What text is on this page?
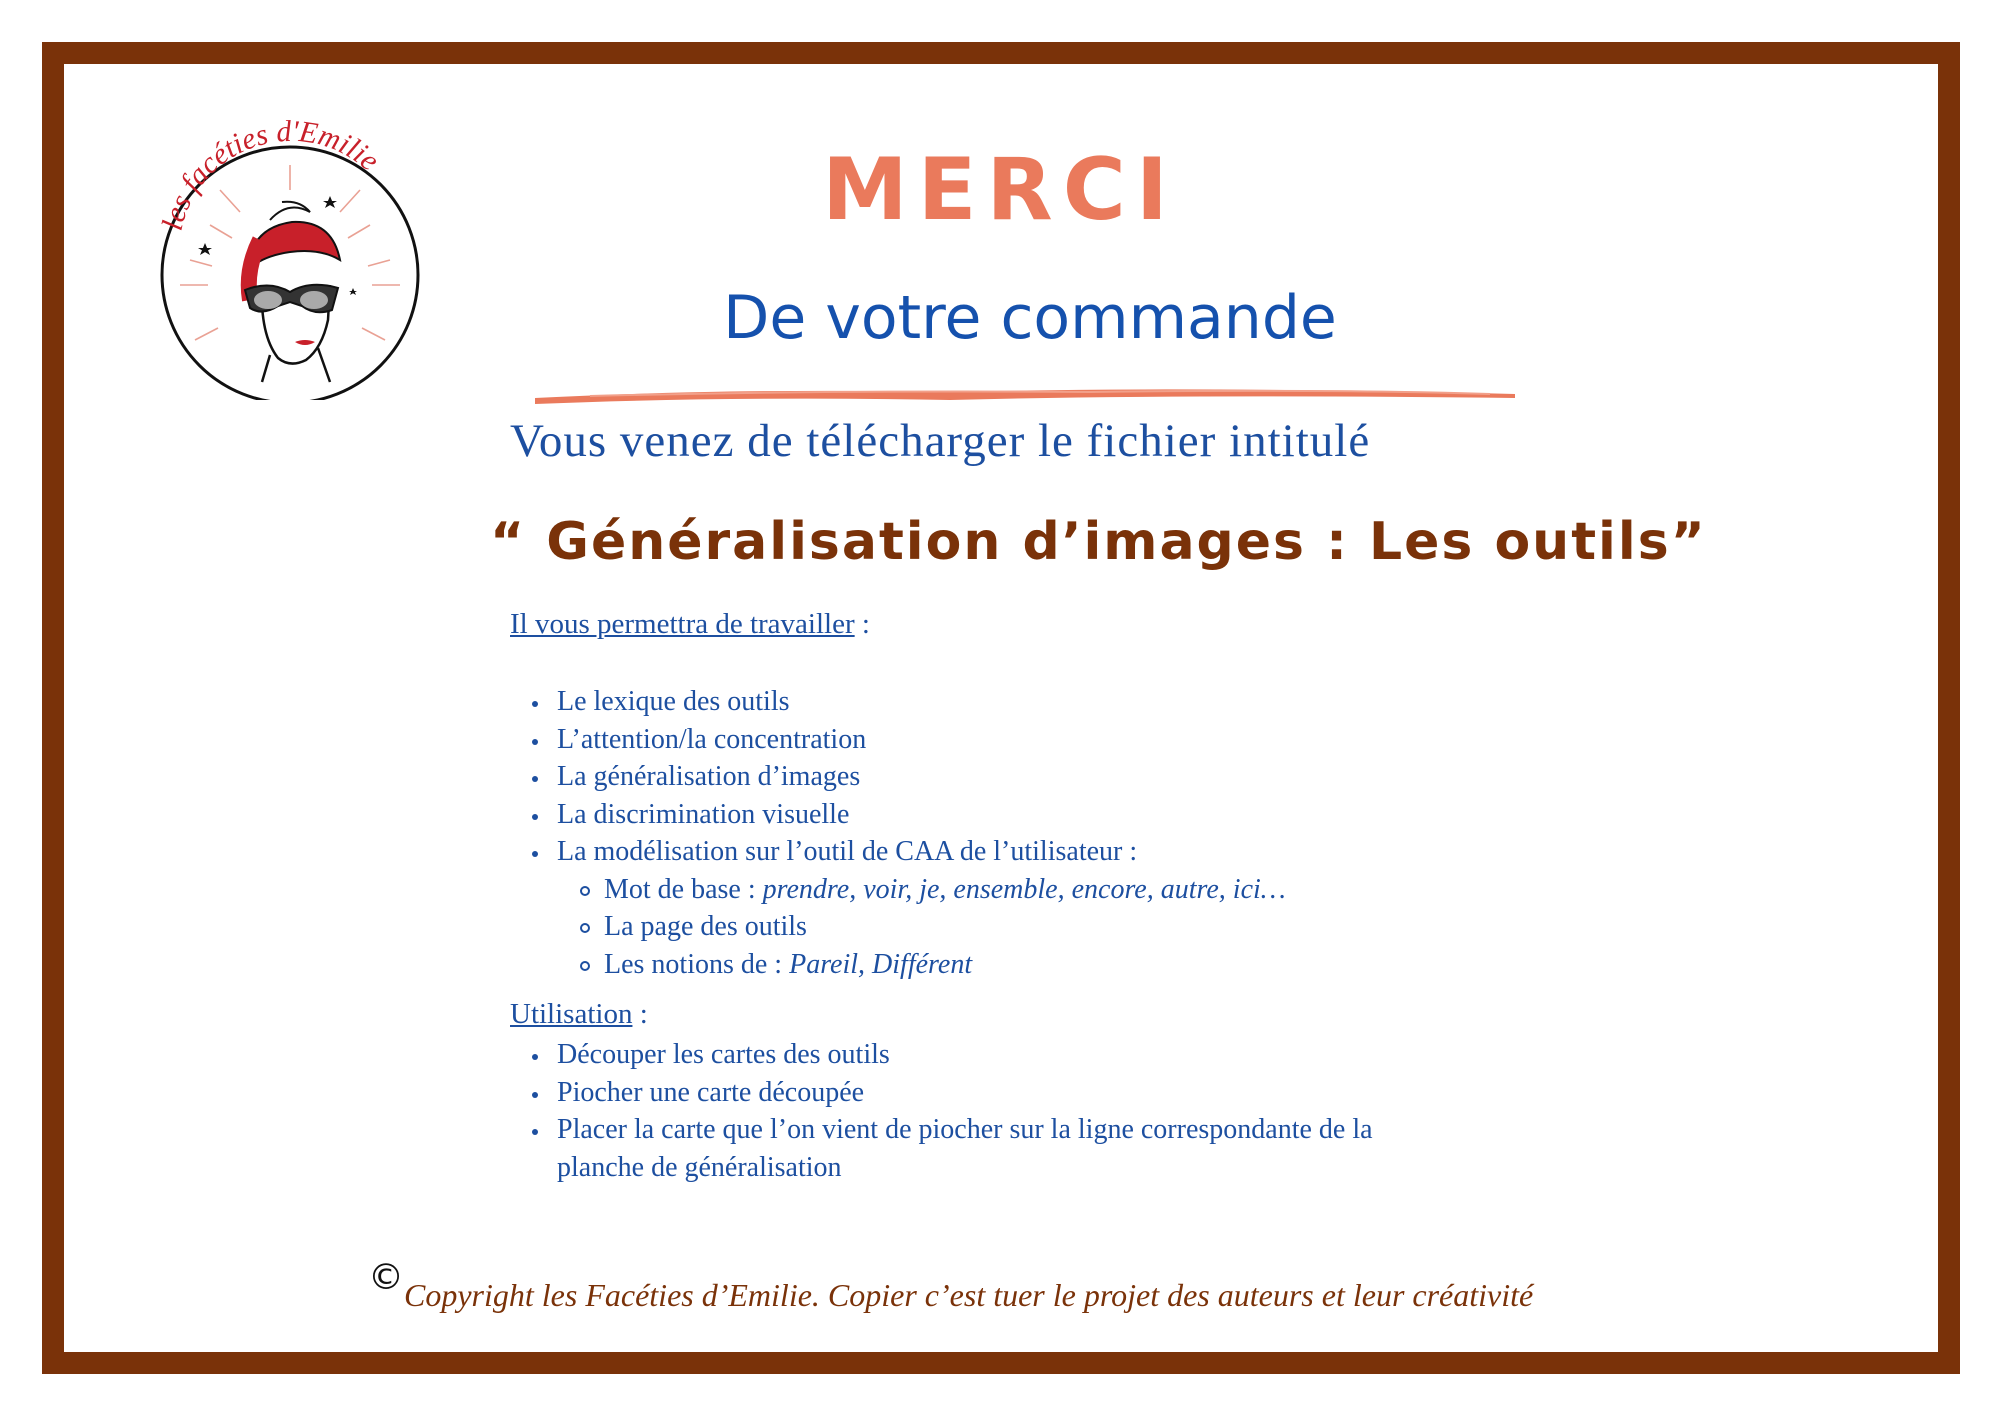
les facéties d'Emilie	MERCI
De votre commande
Vous venez de télécharger le fichier intitulé
“ Généralisation d’images : Les outils”
Il vous permettra de travailler :
Le lexique des outils
L’attention/la concentration
La généralisation d’images
La discrimination visuelle
La modélisation sur l’outil de CAA de l’utilisateur :
Mot de base : prendre, voir, je, ensemble, encore, autre, ici…
La page des outils
Les notions de : Pareil, Différent
Utilisation :
Découper les cartes des outils
Piocher une carte découpée
Placer la carte que l’on vient de piocher sur la ligne correspondante de la planche de généralisation
© Copyright les Facéties d’Emilie. Copier c’est tuer le projet des auteurs et leur créativité
